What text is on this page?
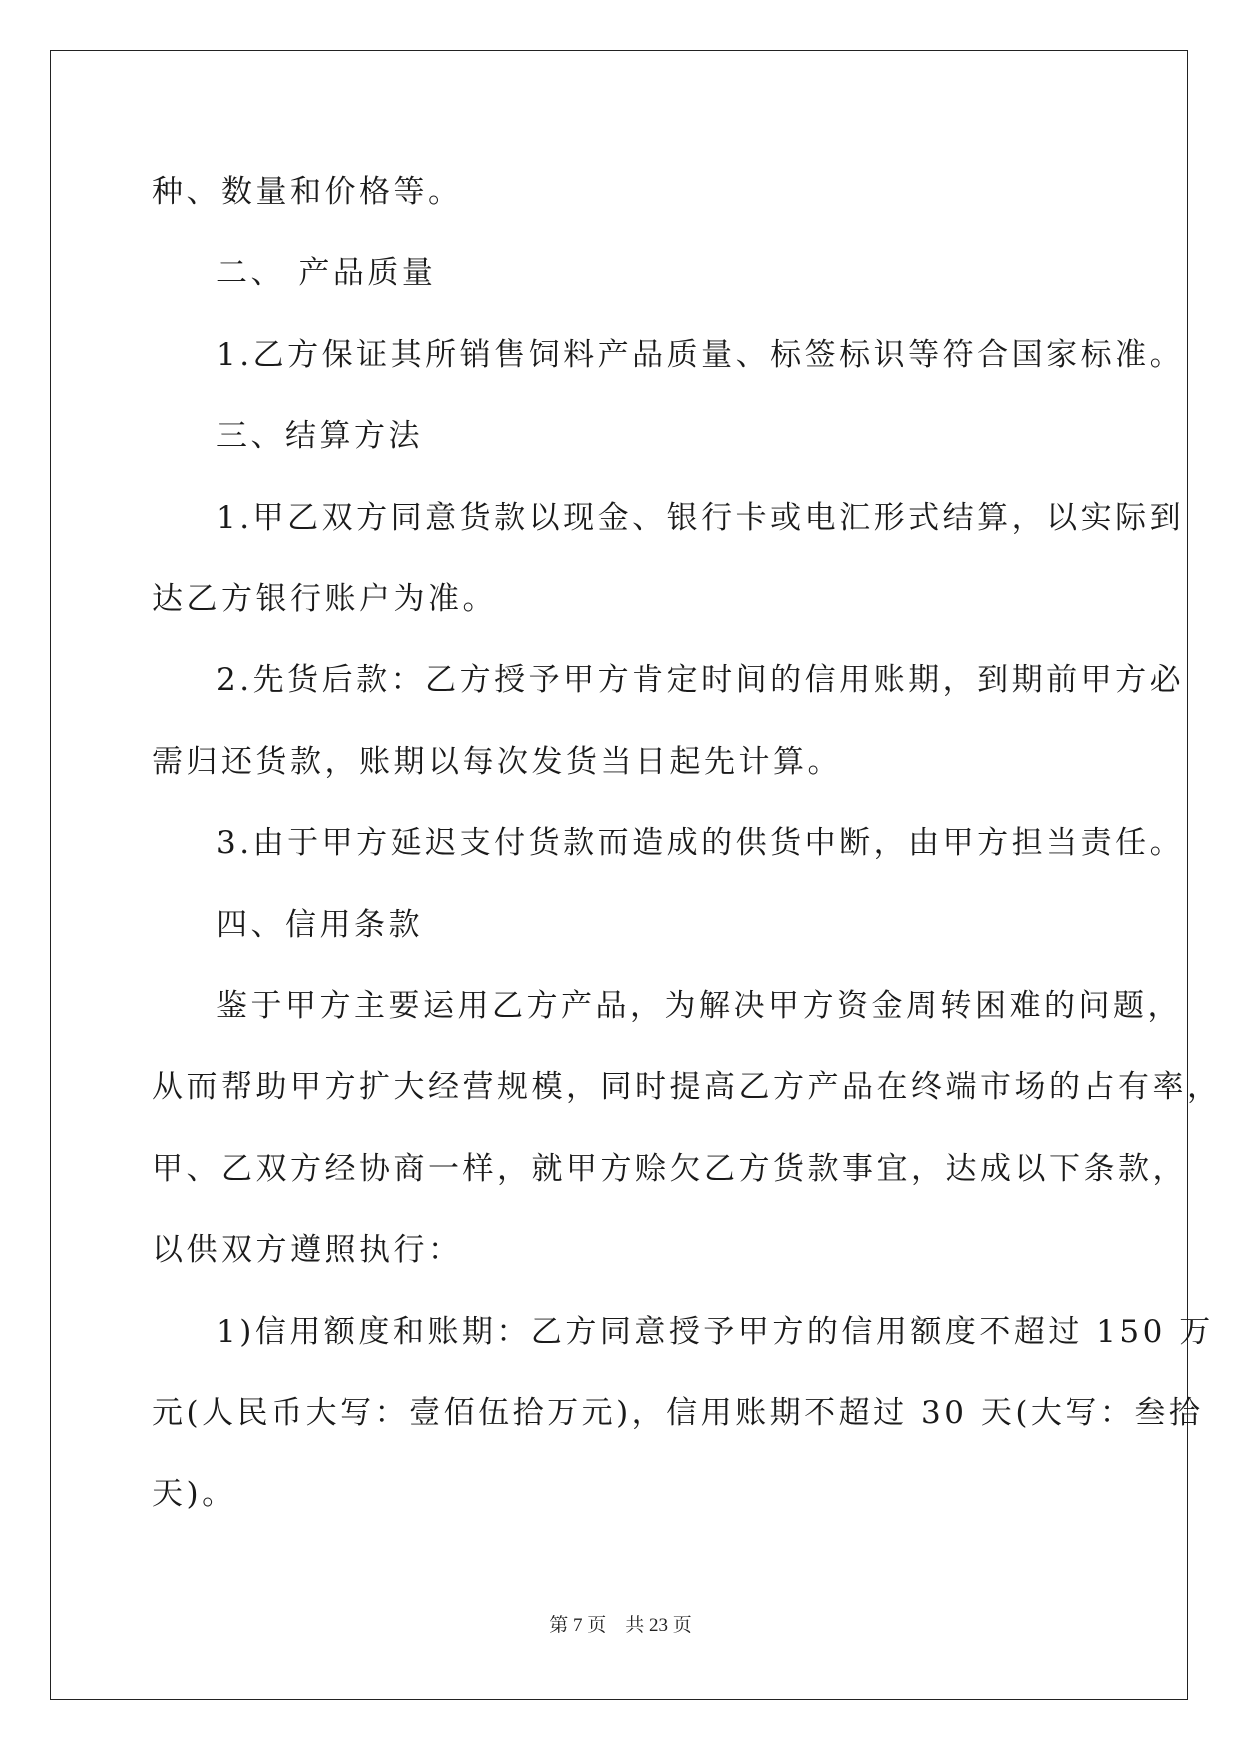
种、数量和价格等。
二、 产品质量
1.乙方保证其所销售饲料产品质量、标签标识等符合国家标准。
三、结算方法
1.甲乙双方同意货款以现金、银行卡或电汇形式结算，以实际到
达乙方银行账户为准。
2.先货后款：乙方授予甲方肯定时间的信用账期，到期前甲方必
需归还货款，账期以每次发货当日起先计算。
3.由于甲方延迟支付货款而造成的供货中断，由甲方担当责任。
四、信用条款
鉴于甲方主要运用乙方产品，为解决甲方资金周转困难的问题，
从而帮助甲方扩大经营规模，同时提高乙方产品在终端市场的占有率，
甲、乙双方经协商一样，就甲方赊欠乙方货款事宜，达成以下条款，
以供双方遵照执行：
1)信用额度和账期：乙方同意授予甲方的信用额度不超过 150 万
元(人民币大写：壹佰伍拾万元)，信用账期不超过 30 天(大写：叁拾
天)。
第 7 页    共 23 页
